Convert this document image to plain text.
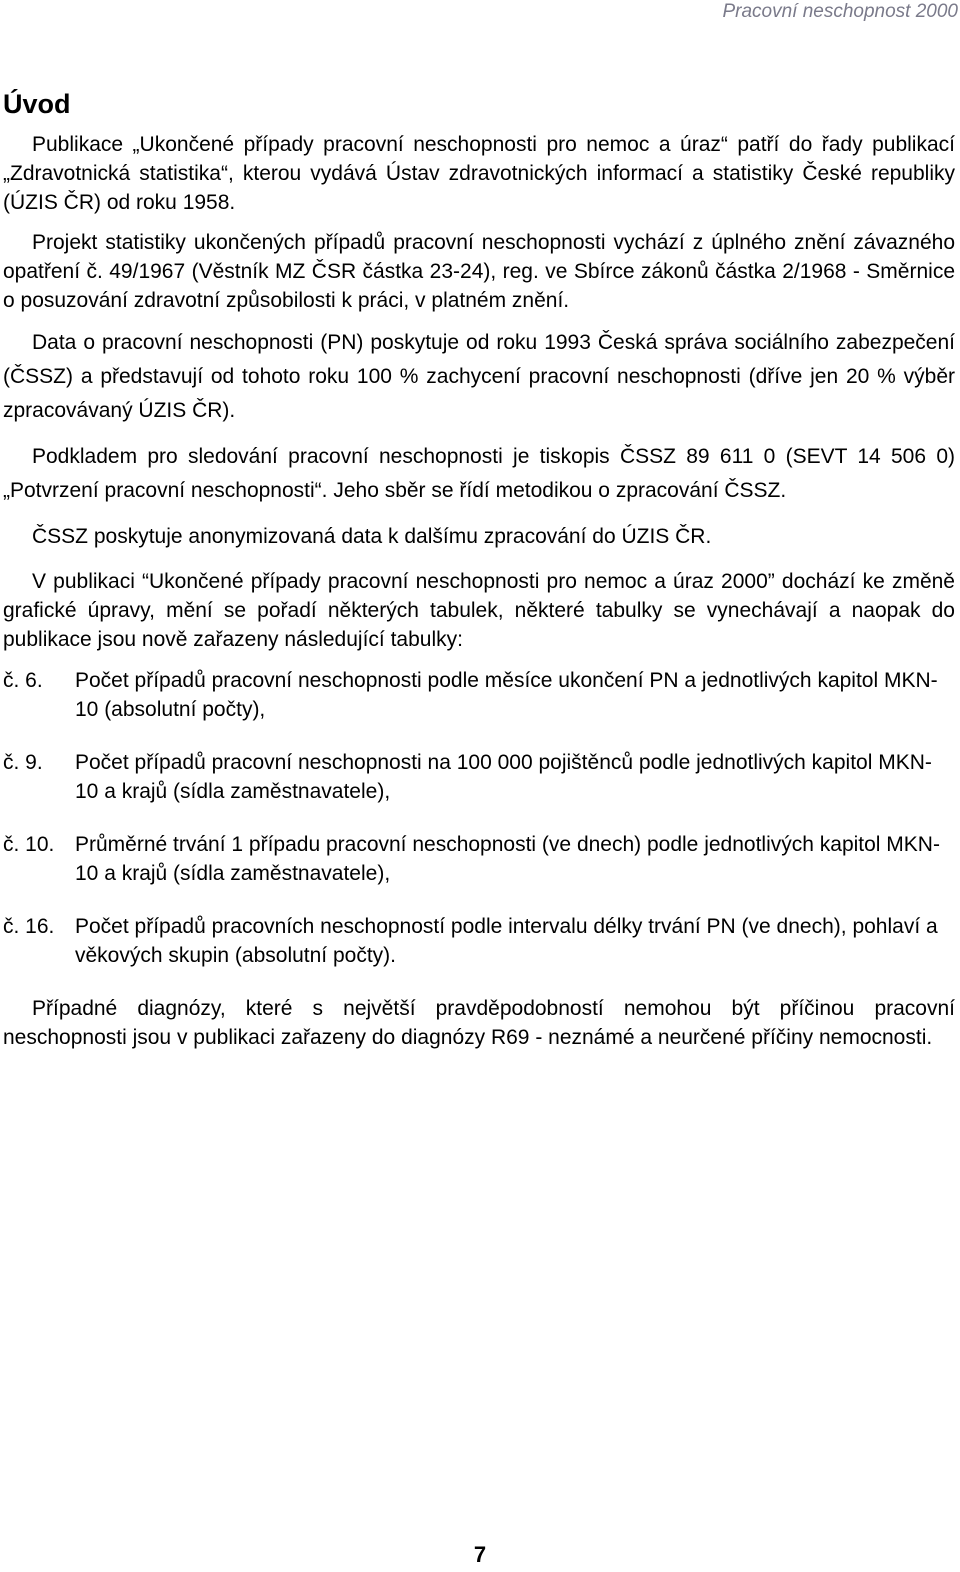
Pracovní neschopnost 2000
Úvod

Publikace „Ukončené případy pracovní neschopnosti pro nemoc a úraz“ patří do řady publikací „Zdravotnická statistika“, kterou vydává Ústav zdravotnických informací a statistiky České republiky (ÚZIS ČR) od roku 1958.

Projekt statistiky ukončených případů pracovní neschopnosti vychází z úplného znění závazného opatření č. 49/1967 (Věstník MZ ČSR částka 23-24), reg. ve Sbírce zákonů částka 2/1968 - Směrnice o posuzování zdravotní způsobilosti k práci, v platném znění.

Data o pracovní neschopnosti (PN) poskytuje od roku 1993 Česká správa sociálního zabezpečení (ČSSZ) a představují od tohoto roku 100 % zachycení pracovní neschopnosti (dříve jen 20 % výběr zpracovávaný ÚZIS ČR).

Podkladem pro sledování pracovní neschopnosti je tiskopis ČSSZ 89 611 0 (SEVT 14 506 0) „Potvrzení pracovní neschopnosti“. Jeho sběr se řídí metodikou o zpracování ČSSZ.

ČSSZ poskytuje anonymizovaná data k dalšímu zpracování do ÚZIS ČR.

V publikaci “Ukončené případy pracovní neschopnosti pro nemoc a úraz 2000” dochází ke změně grafické úpravy, mění se pořadí některých tabulek, některé tabulky se vynechávají a naopak do publikace jsou nově zařazeny následující tabulky:

č. 6.	Počet případů pracovní neschopnosti podle měsíce ukončení PN a jednotlivých kapitol MKN-10 (absolutní počty),
č. 9.	Počet případů pracovní neschopnosti na 100 000 pojištěnců podle jednotlivých kapitol MKN-10 a krajů (sídla zaměstnavatele),
č. 10. Průměrné trvání 1 případu pracovní neschopnosti (ve dnech) podle jednotlivých kapitol MKN-10 a krajů (sídla zaměstnavatele),
č. 16. Počet případů pracovních neschopností podle intervalu délky trvání PN (ve dnech), pohlaví a věkových skupin (absolutní počty).

Případné diagnózy, které s největší pravděpodobností nemohou být příčinou pracovní neschopnosti jsou v publikaci zařazeny do diagnózy R69 - neznámé a neurčené příčiny nemocnosti.

7
